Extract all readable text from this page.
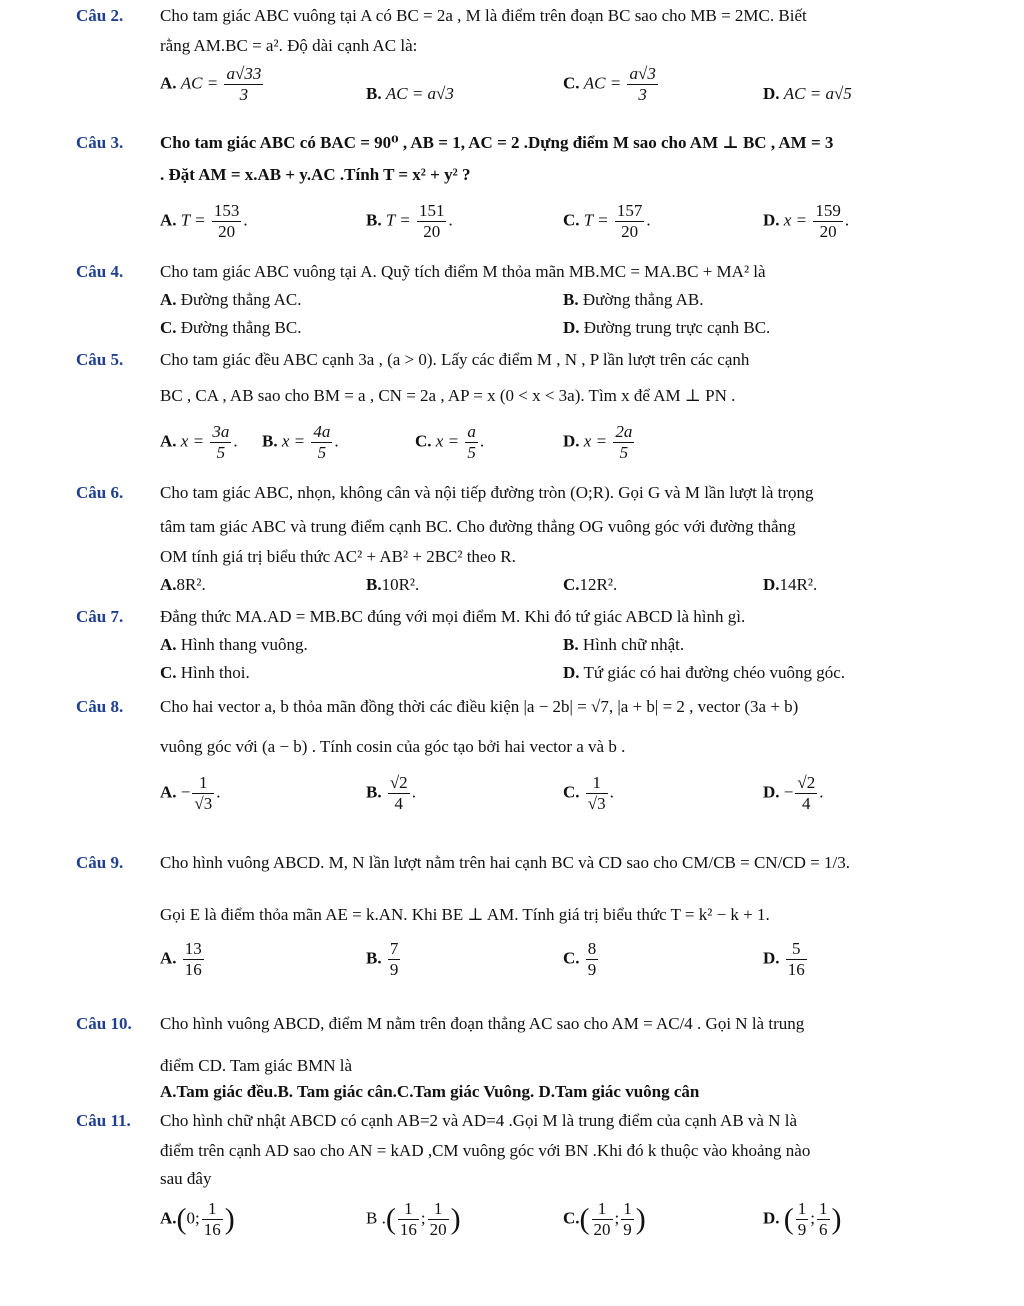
Câu 2. Cho tam giác ABC vuông tại A có BC = 2a , M là điểm trên đoạn BC sao cho MB = 2MC. Biết
rằng AM.BC = a². Độ dài cạnh AC là:
A. AC = $\frac{a√33}{3}$	B. AC = a√3
C. AC = $\frac{a√3}{3}$	D. AC = a√5
Câu 3. Cho tam giác ABC có BAC = 90⁰ , AB = 1, AC = 2 .Dựng điểm M sao cho AM ⊥ BC , AM = 3
. Đặt AM = x.AB + y.AC .Tính T = x² + y² ?
A. $T = \frac{153}{20}$ .	B. $T = \frac{151}{20}$ .	C. $T = \frac{157}{20}$ .	D. $x = \frac{159}{20}$ .
Câu 4. Cho tam giác ABC vuông tại A. Quỹ tích điểm M thỏa mãn MB.MC = MA.BC + MA² là
A. Đường thẳng AC.	B. Đường thẳng AB.
C. Đường thẳng BC.	D. Đường trung trực cạnh BC.
Câu 5. Cho tam giác đều ABC cạnh 3a , (a > 0). Lấy các điểm M , N , P lần lượt trên các cạnh
BC , CA , AB sao cho BM = a , CN = 2a , AP = x (0 < x < 3a). Tìm x để AM ⊥ PN .
A. $x = \frac{3a}{5}$ . B. $x = \frac{4a}{5}$ .	C. $x = \frac{a}{5}$ .	D. $x = \frac{2a}{5}$
Câu 6. Cho tam giác ABC, nhọn, không cân và nội tiếp đường tròn (O;R). Gọi G và M lần lượt là trọng
tâm tam giác ABC và trung điểm cạnh BC. Cho đường thẳng OG vuông góc với đường thẳng
OM tính giá trị biểu thức AC² + AB² + 2BC² theo R.
A.8R².	B.10R².	C.12R².	D.14R².
Câu 7. Đẳng thức MA.AD = MB.BC đúng với mọi điểm M. Khi đó tứ giác ABCD là hình gì.
A. Hình thang vuông.	B. Hình chữ nhật.
C. Hình thoi.	D. Tứ giác có hai đường chéo vuông góc.
Câu 8. Cho hai vector a, b thỏa mãn đồng thời các điều kiện |a − 2b| = √7, |a + b| = 2 , vector (3a + b)
vuông góc với (a − b) . Tính cosin của góc tạo bởi hai vector a và b .
A. − $\frac{1}{√3}$ .	B. $\frac{√2}{4}$ .	C. $\frac{1}{√3}$ .	D. − $\frac{√2}{4}$ .
Câu 9. Cho hình vuông ABCD. M, N lần lượt nằm trên hai cạnh BC và CD sao cho CM/CB = CN/CD = 1/3.
Gọi E là điểm thỏa mãn AE = k.AN. Khi BE ⊥ AM. Tính giá trị biểu thức T = k² − k + 1.
A. $\frac{13}{16}$	B. $\frac{7}{9}$	C. $\frac{8}{9}$	D. $\frac{5}{16}$
Câu 10. Cho hình vuông ABCD, điểm M nằm trên đoạn thẳng AC sao cho AM = AC/4 . Gọi N là trung
điểm CD. Tam giác BMN là
A.Tam giác đều.B. Tam giác cân.C.Tam giác Vuông. D.Tam giác vuông cân
Câu 11. Cho hình chữ nhật ABCD có cạnh AB=2 và AD=4 .Gọi M là trung điểm của cạnh AB và N là
điểm trên cạnh AD sao cho AN = kAD ,CM vuông góc với BN .Khi đó k thuộc vào khoảng nào
sau đây
A.(0; $\frac{1}{16}$ )	B .( $\frac{1}{16}$ ; $\frac{1}{20}$ )	$C.( \frac{1}{20}$ ; $\frac{1}{9}$ )	D. ( $\frac{1}{9}$ ; $\frac{1}{6}$ )
